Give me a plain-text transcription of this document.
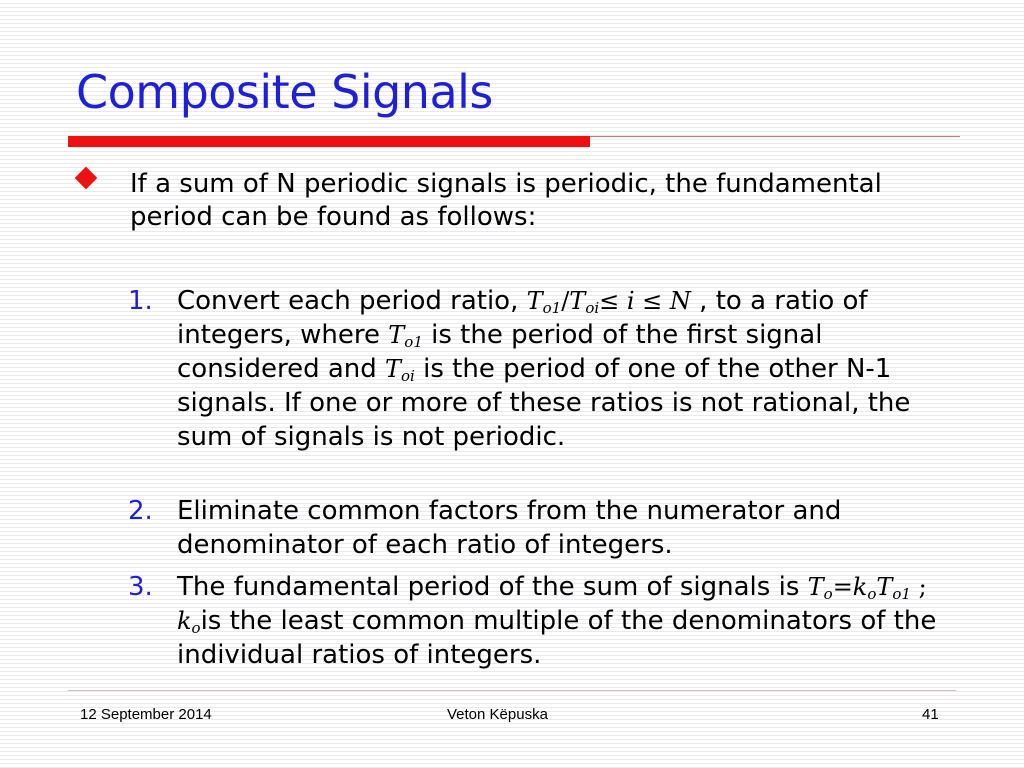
Composite Signals

If a sum of N periodic signals is periodic, the fundamental period can be found as follows:

1. Convert each period ratio, $T_{o1}/T_{oi}\le i \le N$ , to a ratio of integers, where $T_{o1}$ is the period of the first signal considered and $T_{oi}$ is the period of one of the other N-1 signals. If one or more of these ratios is not rational, the sum of signals is not periodic.

2. Eliminate common factors from the numerator and denominator of each ratio of integers.

3. The fundamental period of the sum of signals is $T_o=k_oT_{o1}$ ; $k_ois$ the least common multiple of the denominators of the individual ratios of integers.

12 September 2014	Veton Këpuska	41
